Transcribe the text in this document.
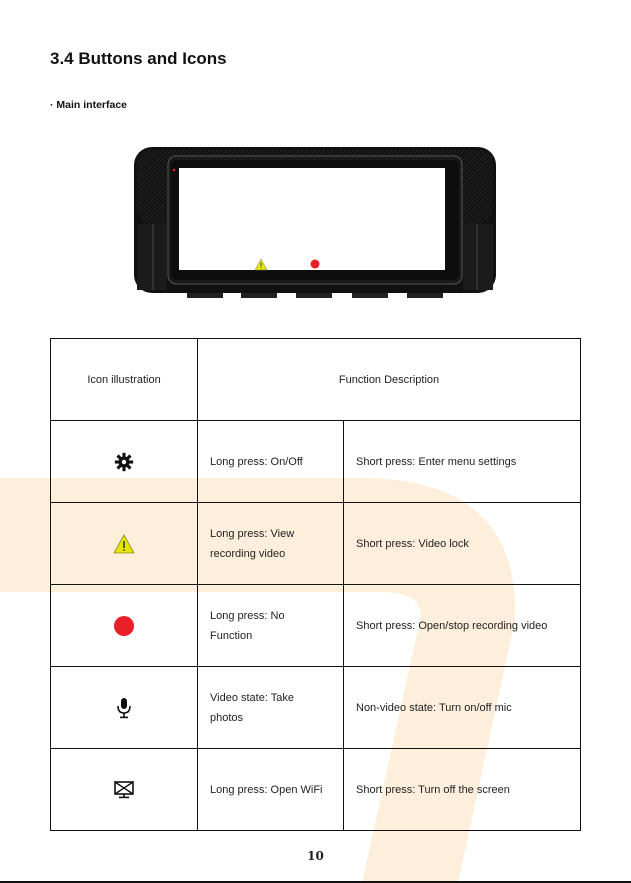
3.4 Buttons and Icons
· Main interface
Icon illustration	Function Description	

Long press: On/Off	Short press: Enter menu settings

Long press: View
recording video	Short press: Video lock

Long press: No
Function	Short press: Open/stop recording video

Video state: Take
photos	Non-video state: Turn on/off mic

Long press: Open WiFi	Short press: Turn off the screen
10
